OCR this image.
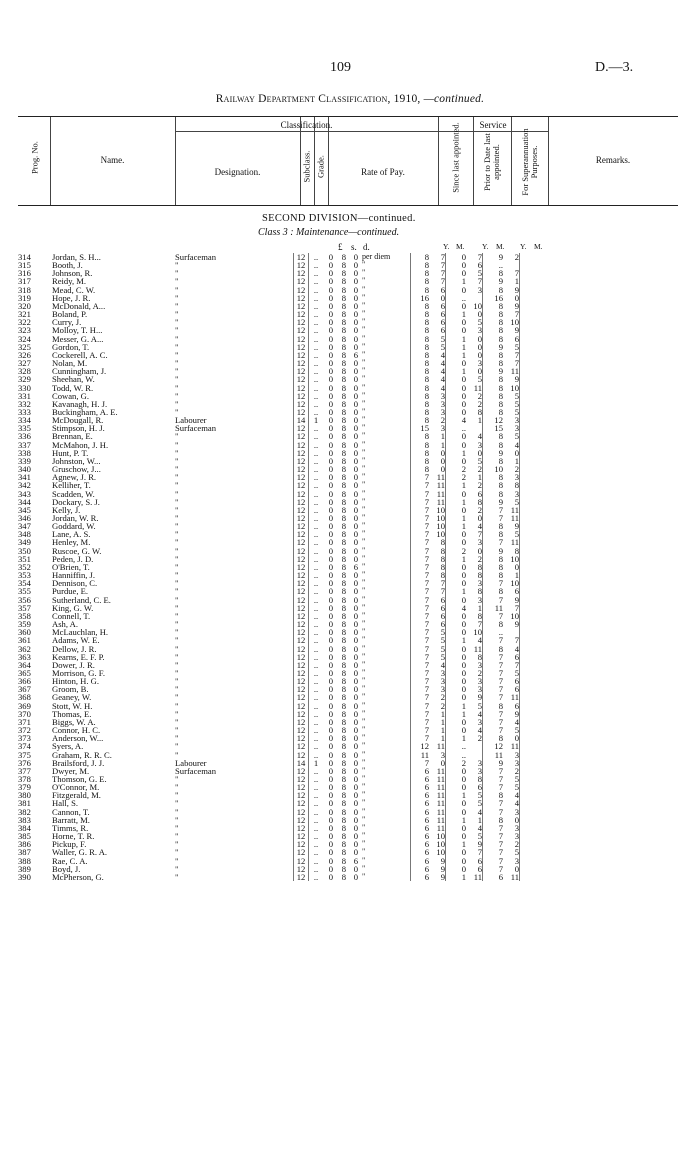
109	D.—3.
Railway Department Classification, 1910, —continued.
Prog. No.	Name.
Classification.
Designation.	Subclass. Grade.	Rate of Pay.
Service
Since last appointed.	Prior to Date last appointed. For Superannuation Purposes.	Remarks.
SECOND DIVISION—continued.
Class 3 : Maintenance—continued.
£ s. d.	Y. M. Y. M. Y. M.
314	Jordan, S. H...	Surfaceman	12	..	0	8	0	per diem	8	7	0	7	9	2	
315	Booth, J.	"	12	..	0	8	0	"	8	7	0	6	..		
316	Johnson, R.	"	12	..	0	8	0	"	8	7	0	5	8	7	
317	Reidy, M.	"	12	..	0	8	0	"	8	7	1	7	9	1	
318	Mead, C. W.	"	12	..	0	8	0	"	8	6	0	3	8	9	
319	Hope, J. R.	"	12	..	0	8	0	"	16	0	..		16	0	
320	McDonald, A...	"	12	..	0	8	0	"	8	6	0	10	8	9	
321	Boland, P.	"	12	..	0	8	0	"	8	6	1	0	8	7	
322	Curry, J.	"	12	..	0	8	0	"	8	6	0	5	8	10	
323	Molloy, T. H...	"	12	..	0	8	0	"	8	6	0	3	8	9	
324	Messer, G. A...	"	12	..	0	8	0	"	8	5	1	0	8	6	
325	Gordon, T.	"	12	..	0	8	0	"	8	5	1	0	9	5	
326	Cockerell, A. C.	"	12	..	0	8	6	"	8	4	1	0	8	7	
327	Nolan, M.	"	12	..	0	8	0	"	8	4	0	3	8	7	
328	Cunningham, J.	"	12	..	0	8	0	"	8	4	1	0	9	11	
329	Sheehan, W.	"	12	..	0	8	0	"	8	4	0	5	8	9	
330	Todd, W. R.	"	12	..	0	8	0	"	8	4	0	11	8	10	
331	Cowan, G.	"	12	..	0	8	0	"	8	3	0	2	8	5	
332	Kavanagh, H. J.	"	12	..	0	8	0	"	8	3	0	2	8	5	
333	Buckingham, A. E.	"	12	..	0	8	0	"	8	3	0	8	8	5	
334	McDougall, R.	Labourer	14	1	0	8	0	"	8	2	4	1	12	3	
335	Stimpson, H. J.	Surfaceman	12	..	0	8	0	"	15	3	..		15	3	
336	Brennan, E.	"	12	..	0	8	0	"	8	1	0	4	8	5	
337	McMahon, J. H.	"	12	..	0	8	0	"	8	1	0	3	8	4	
338	Hunt, P. T.	"	12	..	0	8	0	"	8	0	1	0	9	0	
339	Johnston, W...	"	12	..	0	8	0	"	8	0	0	5	8	1	
340	Gruschow, J...	"	12	..	0	8	0	"	8	0	2	2	10	2	
341	Agnew, J. R.	"	12	..	0	8	0	"	7	11	2	1	8	3	
342	Kelliher, T.	"	12	..	0	8	0	"	7	11	1	2	8	8	
343	Scadden, W.	"	12	..	0	8	0	"	7	11	0	6	8	3	
344	Dockary, S. J.	"	12	..	0	8	0	"	7	11	1	8	9	5	
345	Kelly, J.	"	12	..	0	8	0	"	7	10	0	2	7	11	
346	Jordan, W. R.	"	12	..	0	8	0	"	7	10	1	0	7	11	
347	Goddard, W.	"	12	..	0	8	0	"	7	10	1	4	8	9	
348	Lane, A. S.	"	12	..	0	8	0	"	7	10	0	7	8	5	
349	Henley, M.	"	12	..	0	8	0	"	7	8	0	3	7	11	
350	Ruscoe, G. W.	"	12	..	0	8	0	"	7	8	2	0	9	8	
351	Peden, J. D.	"	12	..	0	8	0	"	7	8	1	2	8	10	
352	O'Brien, T.	"	12	..	0	8	6	"	7	8	0	8	8	0	
353	Hanniffin, J.	"	12	..	0	8	0	"	7	8	0	8	8	1	
354	Dennison, C.	"	12	..	0	8	0	"	7	7	0	3	7	10	
355	Purdue, E.	"	12	..	0	8	0	"	7	7	1	8	8	6	
356	Sutherland, C. E.	"	12	..	0	8	0	"	7	6	0	3	7	9	
357	King, G. W.	"	12	..	0	8	0	"	7	6	4	1	11	7	
358	Connell, T.	"	12	..	0	8	0	"	7	6	0	8	7	10	
359	Ash, A.	"	12	..	0	8	0	"	7	6	0	7	8	9	
360	McLauchlan, H.	"	12	..	0	8	0	"	7	5	0	10	..		
361	Adams, W. E.	"	12	..	0	8	0	"	7	5	1	4	7	7	
362	Dellow, J. R.	"	12	..	0	8	0	"	7	5	0	11	8	4	
363	Kearns, E. F. P.	"	12	..	0	8	0	"	7	5	0	8	7	6	
364	Dower, J. R.	"	12	..	0	8	0	"	7	4	0	3	7	7	
365	Morrison, G. F.	"	12	..	0	8	0	"	7	3	0	2	7	5	
366	Hinton, H. G.	"	12	..	0	8	0	"	7	3	0	3	7	6	
367	Groom, B.	"	12	..	0	8	0	"	7	3	0	3	7	6	
368	Geaney, W.	"	12	..	0	8	0	"	7	2	0	9	7	11	
369	Stott, W. H.	"	12	..	0	8	0	"	7	2	1	5	8	6	
370	Thomas, E.	"	12	..	0	8	0	"	7	1	1	4	7	9	
371	Biggs, W. A.	"	12	..	0	8	0	"	7	1	0	3	7	4	
372	Connor, H. C.	"	12	..	0	8	0	"	7	1	0	4	7	5	
373	Anderson, W...	"	12	..	0	8	0	"	7	1	1	2	8	0	
374	Syers, A.	"	12	..	0	8	0	"	12	11	..		12	11	
375	Graham, R. R. C.	"	12	..	0	8	0	"	11	3	..		11	3	
376	Brailsford, J. J.	Labourer	14	1	0	8	0	"	7	0	2	3	9	3	
377	Dwyer, M.	Surfaceman	12	..	0	8	0	"	6	11	0	3	7	2	
378	Thomson, G. E.	"	12	..	0	8	0	"	6	11	0	8	7	5	
379	O'Connor, M.	"	12	..	0	8	0	"	6	11	0	6	7	5	
380	Fitzgerald, M.	"	12	..	0	8	0	"	6	11	1	5	8	4	
381	Hall, S.	"	12	..	0	8	0	"	6	11	0	5	7	4	
382	Cannon, T.	"	12	..	0	8	0	"	6	11	0	4	7	3	
383	Barratt, M.	"	12	..	0	8	0	"	6	11	1	1	8	0	
384	Timms, R.	"	12	..	0	8	0	"	6	11	0	4	7	3	
385	Horne, T. R.	"	12	..	0	8	0	"	6	10	0	5	7	3	
386	Pickup, F.	"	12	..	0	8	0	"	6	10	1	9	7	2	
387	Waller, G. R. A.	"	12	..	0	8	0	"	6	10	0	7	7	5	
388	Rae, C. A.	"	12	..	0	8	6	"	6	9	0	6	7	3	
389	Boyd, J.	"	12	..	0	8	0	"	6	9	0	6	7	0	
390	McPherson, G.	"	12	..	0	8	0	"	6	9	1	11	6	11	
